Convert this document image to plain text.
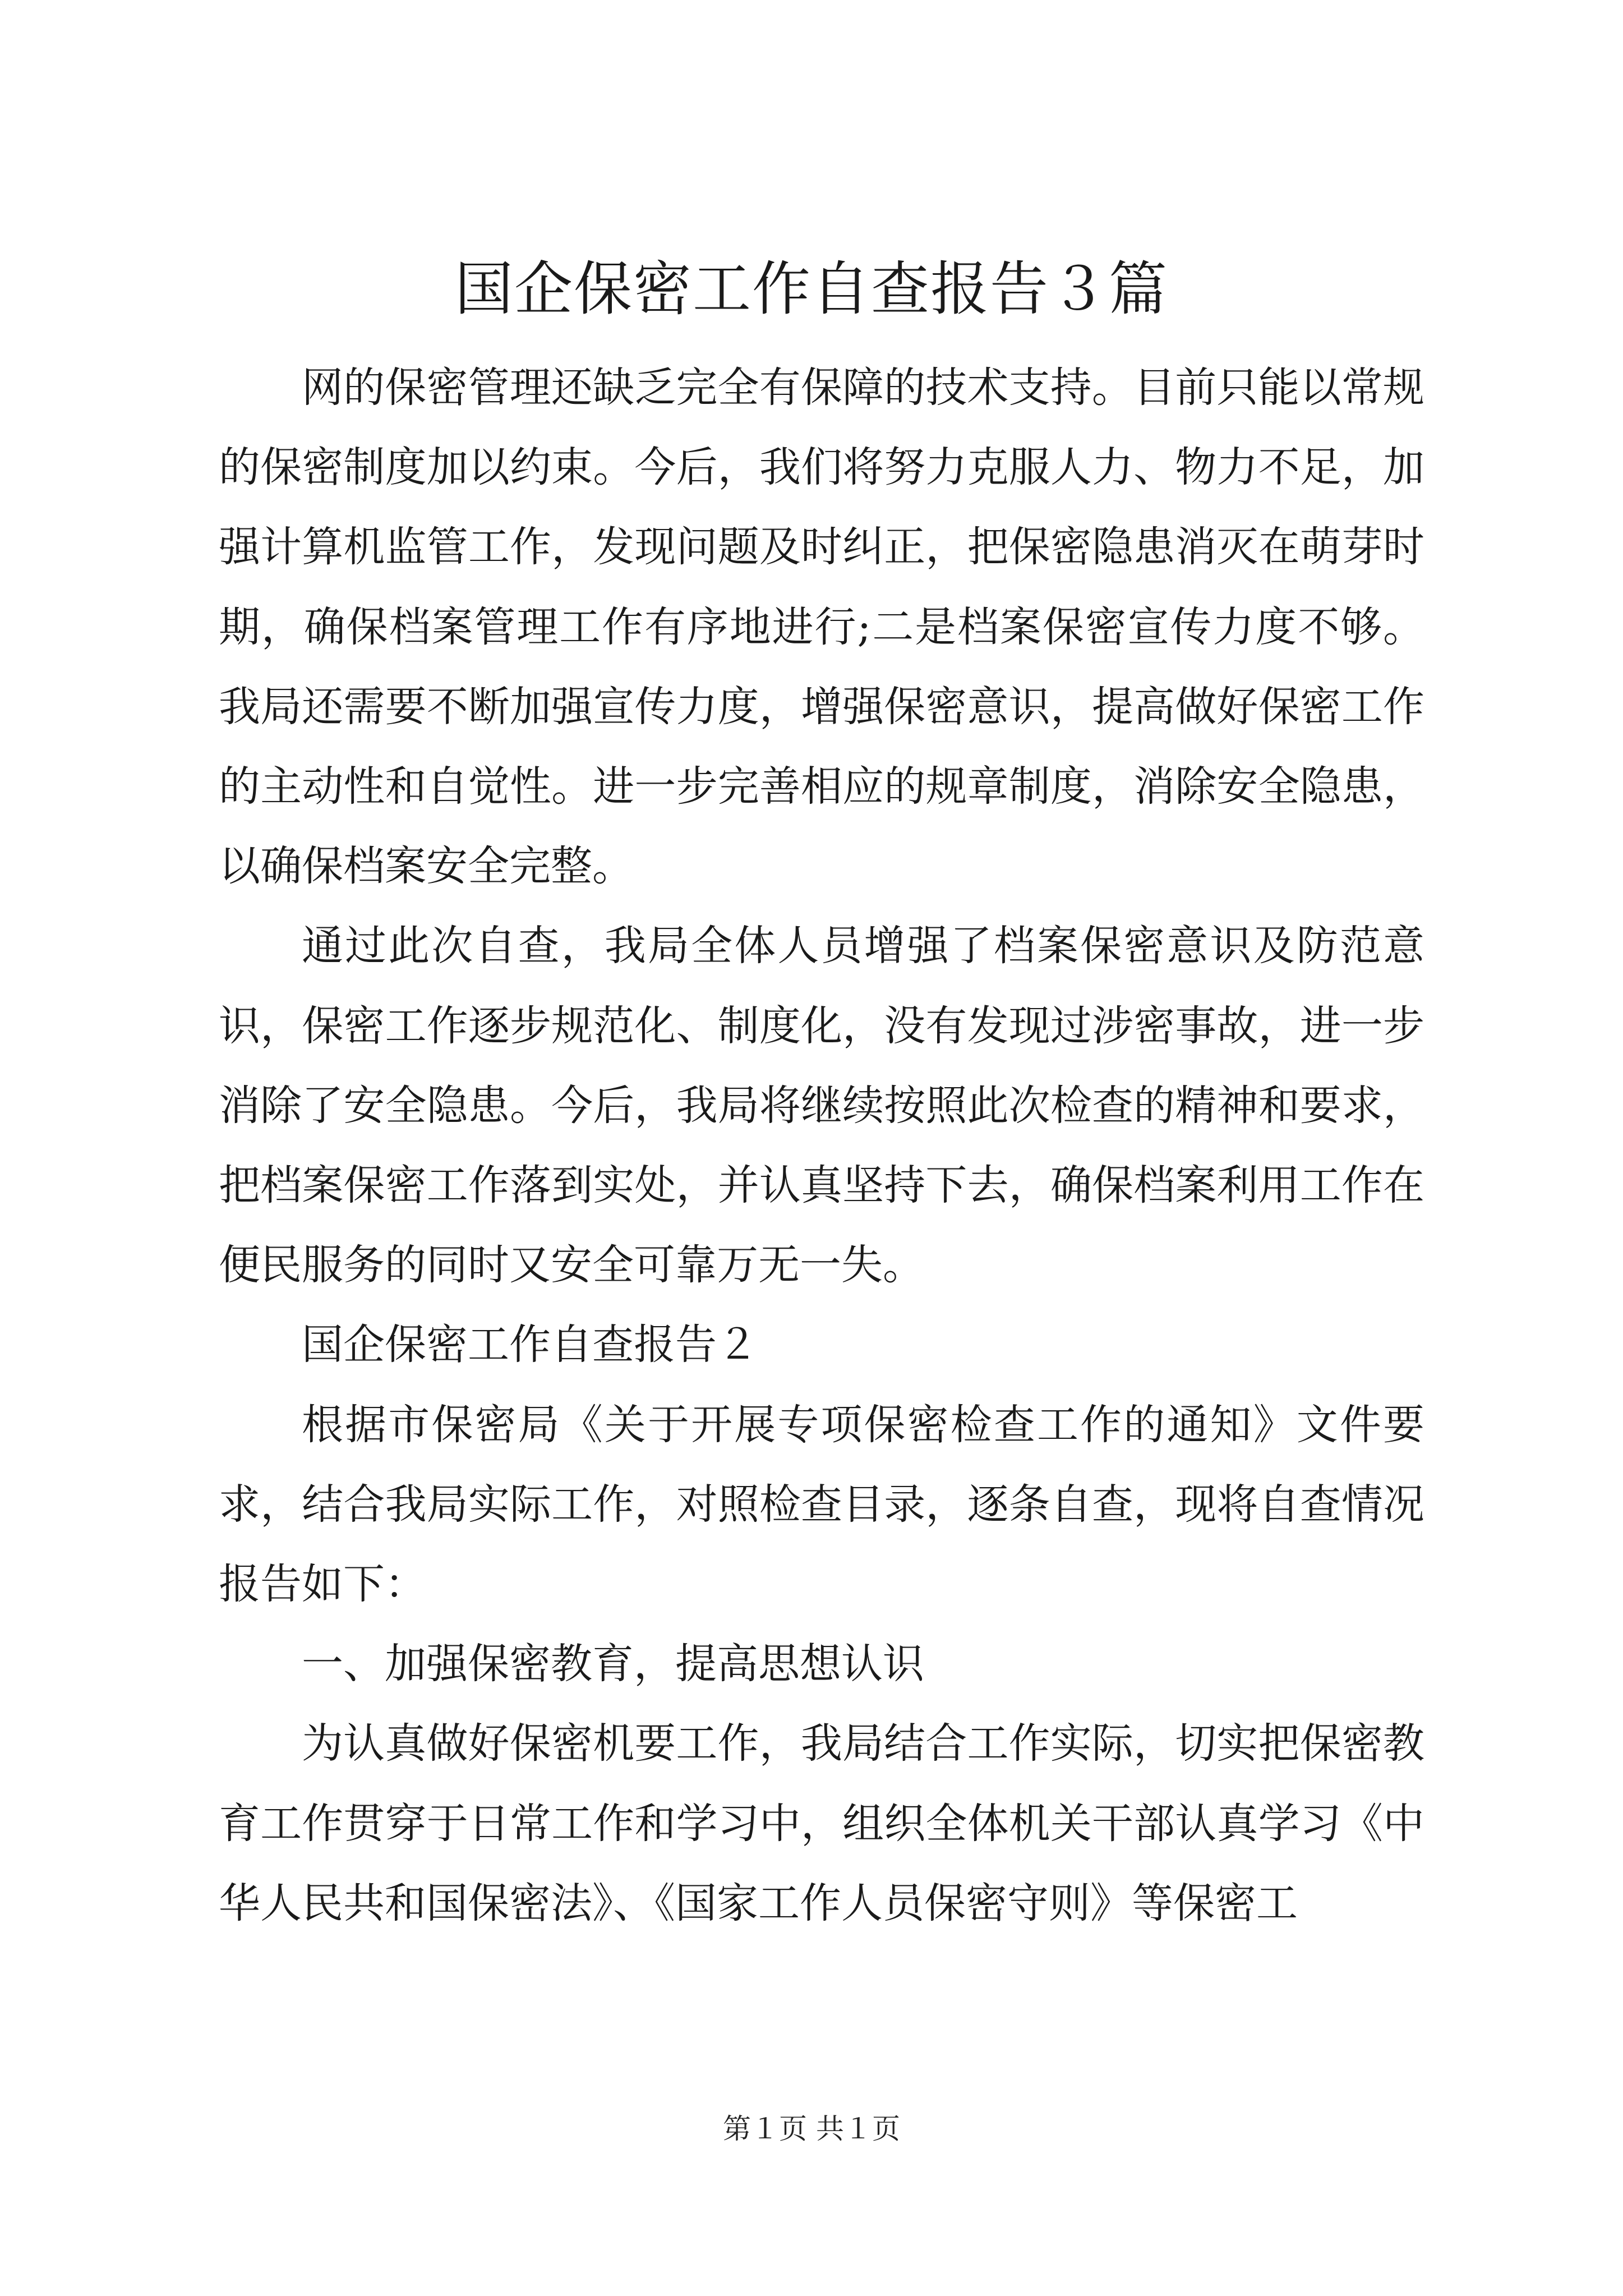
国企保密工作自查报告３篇

网的保密管理还缺乏完全有保障的技术支持。目前只能以常规的保密制度加以约束。今后，我们将努力克服人力、物力不足，加强计算机监管工作，发现问题及时纠正，把保密隐患消灭在萌芽时期，确保档案管理工作有序地进行;二是档案保密宣传力度不够。我局还需要不断加强宣传力度，增强保密意识，提高做好保密工作的主动性和自觉性。进一步完善相应的规章制度，消除安全隐患，以确保档案安全完整。

通过此次自查，我局全体人员增强了档案保密意识及防范意识，保密工作逐步规范化、制度化，没有发现过涉密事故，进一步消除了安全隐患。今后，我局将继续按照此次检查的精神和要求，把档案保密工作落到实处，并认真坚持下去，确保档案利用工作在便民服务的同时又安全可靠万无一失。

国企保密工作自查报告２

根据市保密局《关于开展专项保密检查工作的通知》文件要求，结合我局实际工作，对照检查目录，逐条自查，现将自查情况报告如下：

一、加强保密教育，提高思想认识

为认真做好保密机要工作，我局结合工作实际，切实把保密教育工作贯穿于日常工作和学习中，组织全体机关干部认真学习《中华人民共和国保密法》、《国家工作人员保密守则》等保密工

第１页 共１页
